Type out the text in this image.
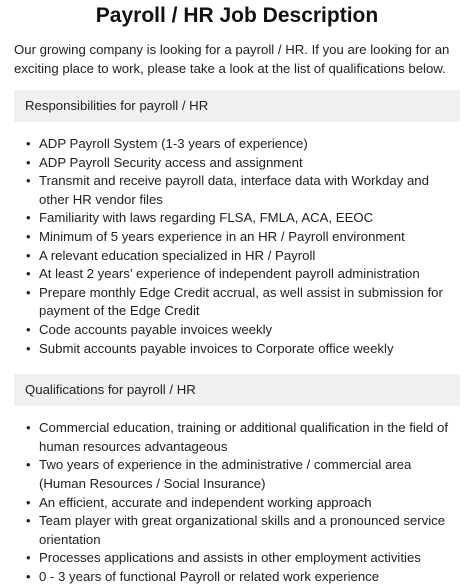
Payroll / HR Job Description

Our growing company is looking for a payroll / HR. If you are looking for an exciting place to work, please take a look at the list of qualifications below.

Responsibilities for payroll / HR
• ADP Payroll System (1-3 years of experience)
• ADP Payroll Security access and assignment
• Transmit and receive payroll data, interface data with Workday and other HR vendor files
• Familiarity with laws regarding FLSA, FMLA, ACA, EEOC
• Minimum of 5 years experience in an HR / Payroll environment
• A relevant education specialized in HR / Payroll
• At least 2 years’ experience of independent payroll administration
• Prepare monthly Edge Credit accrual, as well assist in submission for payment of the Edge Credit
• Code accounts payable invoices weekly
• Submit accounts payable invoices to Corporate office weekly
Qualifications for payroll / HR
• Commercial education, training or additional qualification in the field of human resources advantageous
• Two years of experience in the administrative / commercial area (Human Resources / Social Insurance)
• An efficient, accurate and independent working approach
• Team player with great organizational skills and a pronounced service orientation
• Processes applications and assists in other employment activities
• 0 - 3 years of functional Payroll or related work experience
